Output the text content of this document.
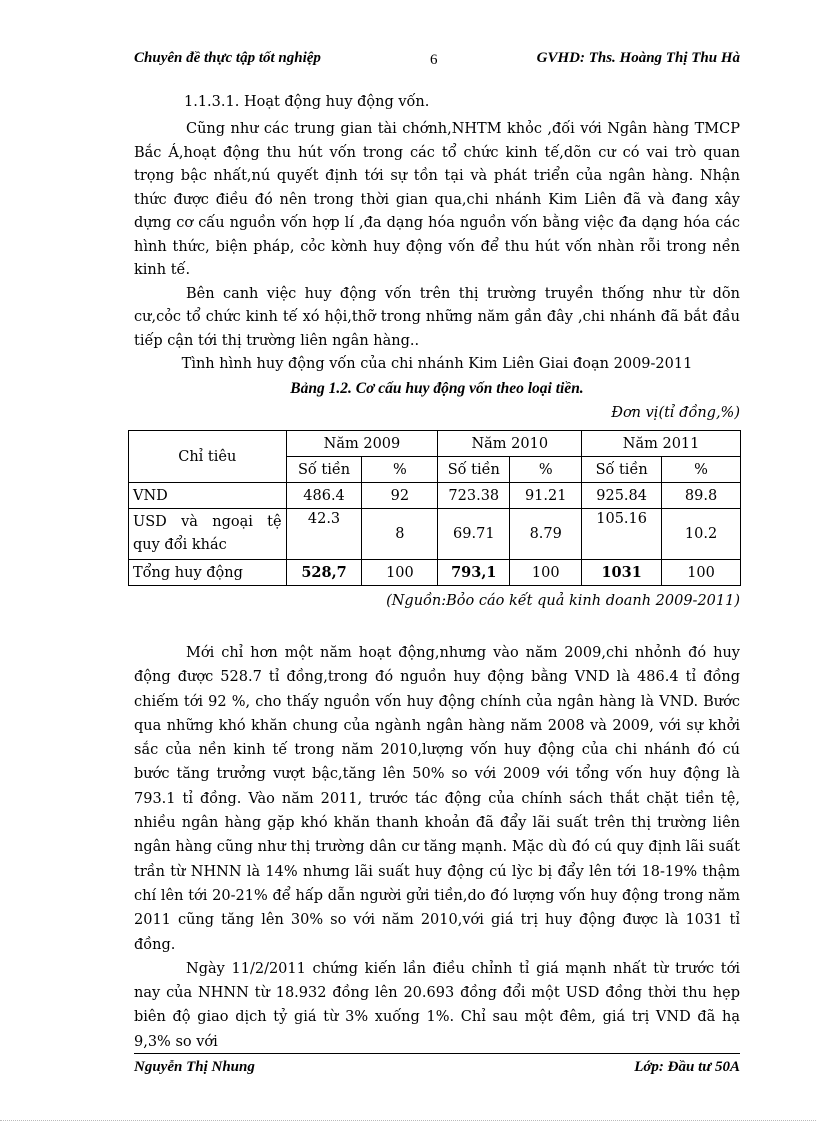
Chuyên đề thực tập tốt nghiệp	6	GVHD: Ths. Hoàng Thị Thu Hà
1.1.3.1. Hoạt động huy động vốn.

Cũng như các trung gian tài chớnh,NHTM khỏc ,đối với Ngân hàng TMCP Bắc Á,hoạt động thu hút vốn trong các tổ chức kinh tế,dõn cư có vai trò quan trọng bậc nhất,nú quyết định tới sự tồn tại và phát triển của ngân hàng. Nhận thức được điều đó nên trong thời gian qua,chi nhánh Kim Liên đã và đang xây dựng cơ cấu nguồn vốn hợp lí ,đa dạng hóa nguồn vốn bằng việc đa dạng hóa các hình thức, biện pháp, cỏc kờnh huy động vốn để thu hút vốn nhàn rỗi trong nền kinh tế.

Bên canh việc huy động vốn trên thị trường truyền thống như từ dõn cư,cỏc tổ chức kinh tế xó hội,thỡ trong những năm gần đây ,chi nhánh đã bắt đầu tiếp cận tới thị trường liên ngân hàng..

Tình hình huy động vốn của chi nhánh Kim Liên Giai đoạn 2009-2011

Bảng 1.2. Cơ cấu huy động vốn theo loại tiền.
Đơn vị(tỉ đồng,%)
Chỉ tiêu	Năm 2009		Năm 2010		Năm 2011	
	Số tiền	%	Số tiền	%	Số tiền	%
VND	486.4	92	723.38	91.21	925.84	89.8
USD và ngoại tệ quy đổi khác	42.3	8	69.71	8.79	105.16	10.2
Tổng huy động	528,7	100	793,1	100	1031	100
(Nguồn:Bỏo cáo kết quả kinh doanh 2009-2011)

Mới chỉ hơn một năm hoạt động,nhưng vào năm 2009,chi nhỏnh đó huy động được 528.7 tỉ đồng,trong đó nguồn huy động bằng VND là 486.4 tỉ đồng chiếm tới 92 %, cho thấy nguồn vốn huy động chính của ngân hàng là VND. Bước qua những khó khăn chung của ngành ngân hàng năm 2008 và 2009, với sự khởi sắc của nền kinh tế trong năm 2010,lượng vốn huy động của chi nhánh đó cú bước tăng trưởng vượt bậc,tăng lên 50% so với 2009 với tổng vốn huy động là 793.1 tỉ đồng. Vào năm 2011, trước tác động của chính sách thắt chặt tiền tệ, nhiều ngân hàng gặp khó khăn thanh khoản đã đẩy lãi suất trên thị trường liên ngân hàng cũng như thị trường dân cư tăng mạnh. Mặc dù đó cú quy định lãi suất trần từ NHNN là 14% nhưng lãi suất huy động cú lỳc bị đẩy lên tới 18-19% thậm chí lên tới 20-21% để hấp dẫn người gửi tiền,do đó lượng vốn huy động trong năm 2011 cũng tăng lên 30% so với năm 2010,với giá trị huy động được là 1031 tỉ đồng.

Ngày 11/2/2011 chứng kiến lần điều chỉnh tỉ giá mạnh nhất từ trước tới nay của NHNN từ 18.932 đồng lên 20.693 đồng đổi một USD đồng thời thu hẹp biên độ giao dịch tỷ giá từ 3% xuống 1%. Chỉ sau một đêm, giá trị VND đã hạ 9,3% so với

Nguyễn Thị Nhung	Lớp: Đầu tư 50A
